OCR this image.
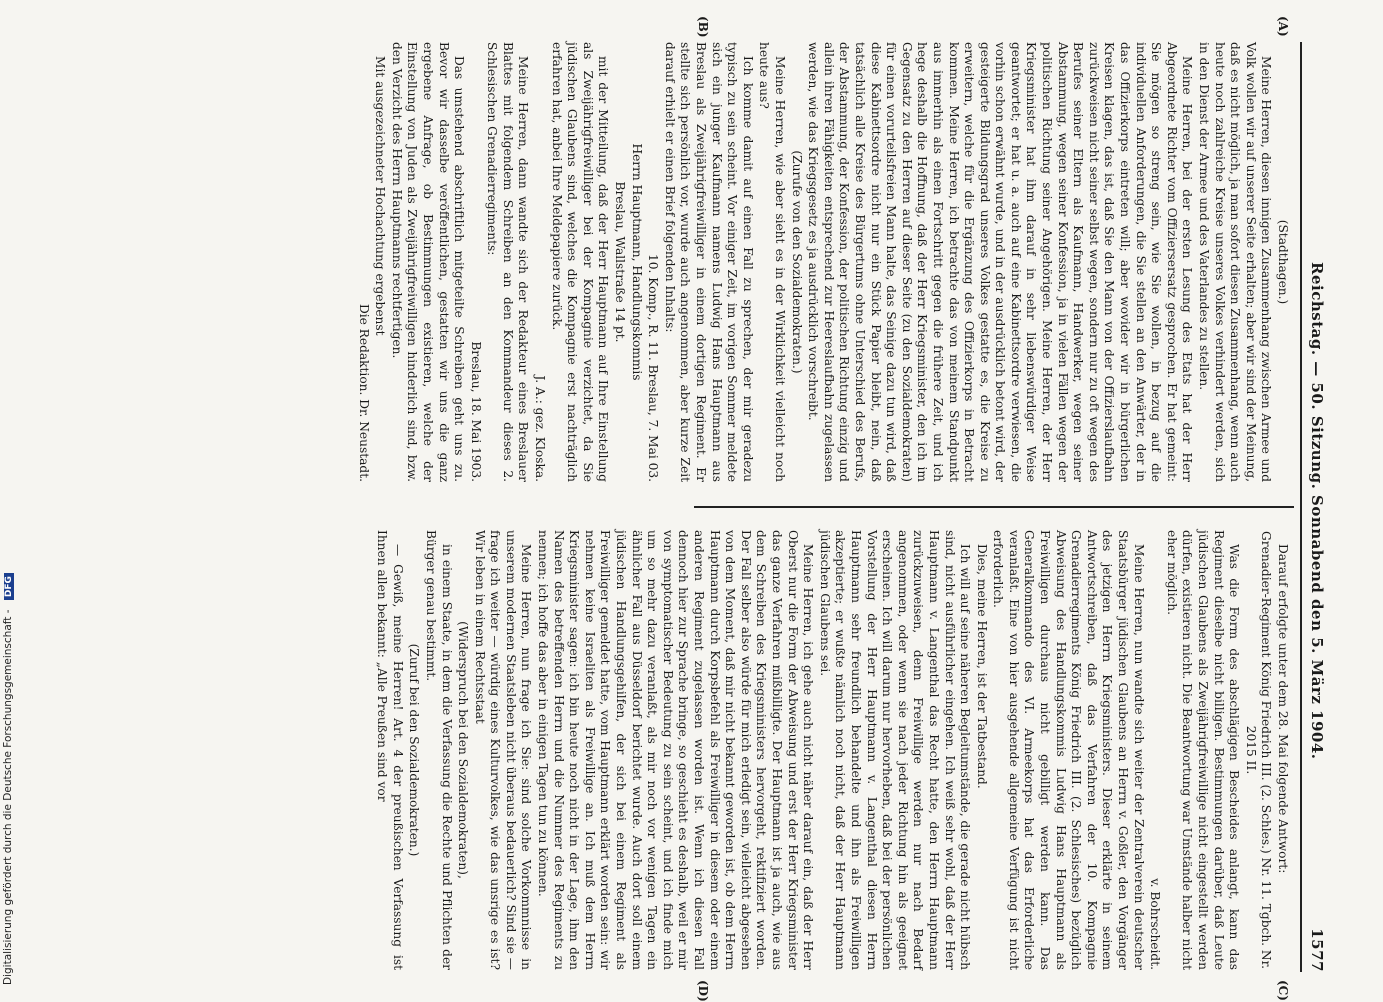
Reichstag. — 50. Sitzung. Sonnabend den 5. März 1904.
1577
(A)
(B)
(C)
(D)

(Stadthagen.)

Meine Herren, diesen innigen Zusammenhang zwischen Armee und Volk wollen wir auf unserer Seite erhalten; aber wir sind der Meinung, daß es nicht möglich, ja man sofort diesen Zusammenhang, wenn auch heute noch zahlreiche Kreise unseres Volkes verhindert werden, sich in den Dienst der Armee und des Vaterlandes zu stellen.

Meine Herren, bei der ersten Lesung des Etats hat der Herr Abgeordnete Richter vom Offiziersersatz gesprochen. Er hat gemeint: Sie mögen so streng sein, wie Sie wollen, in bezug auf die individuellen Anforderungen, die Sie stellen an den Anwärter, der in das Offizierkorps eintreten will; aber wovider wir in bürgerlichen Kreisen klagen, das ist, daß Sie den Mann von der Offizierslaufbahn zurückweisen nicht seiner selbst wegen, sondern nur zu oft wegen des Berufes seiner Eltern als Kaufmann, Handwerker, wegen seiner Abstammung, wegen seiner Konfession, ja in vielen Fällen wegen der politischen Richtung seiner Angehörigen. Meine Herren, der Herr Kriegsminister hat ihm darauf in sehr liebenswürdiger Weise geantwortet; er hat u. a. auch auf eine Kabinettsordre verwiesen, die vorhin schon erwähnt wurde, und in der ausdrücklich betont wird, der gesteigerte Bildungsgrad unseres Volkes gestatte es, die Kreise zu erweitern, welche für die Ergänzung des Offizierkorps in Betracht kommen. Meine Herren, ich betrachte das von meinem Standpunkt aus immerhin als einen Fortschritt gegen die frühere Zeit, und ich hege deshalb die Hoffnung, daß der Herr Kriegsminister, den ich im Gegensatz zu den Herren auf dieser Seite (zu den Sozialdemokraten) für einen vorurteilsfreien Mann halte, das Seinige dazu tun wird, daß diese Kabinettsordre nicht nur ein Stück Papier bleibt, nein, daß tatsächlich alle Kreise des Bürgertums ohne Unterschied des Berufs, der Abstammung, der Konfession, der politischen Richtung einzig und allein ihren Fähigkeiten entsprechend zur Heereslaufbahn zugelassen werden, wie das Kriegsgesetz es ja ausdrücklich vorschreibt.

(Zurufe von den Sozialdemokraten.)

Meine Herren, wie aber sieht es in der Wirklichkeit vielleicht noch heute aus?

Ich komme damit auf einen Fall zu sprechen, der mir geradezu typisch zu sein scheint. Vor einiger Zeit, im vorigen Sommer meldete sich ein junger Kaufmann namens Ludwig Hans Hauptmann aus Breslau als Zweijährigfreiwilliger in einem dortigen Regiment. Er stellte sich persönlich vor, wurde auch angenommen, aber kurze Zeit darauf erhielt er einen Brief folgenden Inhalts:

10. Komp., R. 11. Breslau, 7. Mai 03.

Herrn Hauptmann, Handlungskommis

Breslau, Wallstraße 14 pt.

mit der Mitteilung, daß der Herr Hauptmann auf Ihre Einstellung als Zweijährigfreiwilliger bei der Kompagnie verzichtet, da Sie jüdischen Glaubens sind, welches die Kompagnie erst nachträglich erfahren hat, anbei Ihre Meldepapiere zurück.

J. A.: gez. Kloska.

Meine Herren, dann wandte sich der Redakteur eines Breslauer Blattes mit folgendem Schreiben an den Kommandeur dieses 2. Schlesischen Grenadierregiments:

Breslau, 18. Mai 1903.

Das umstehend abschriftlich mitgeteilte Schreiben geht uns zu. Bevor wir dasselbe veröffentlichen, gestatten wir uns die ganz ergebene Anfrage, ob Bestimmungen existieren, welche der Einstellung von Juden als Zweijährigfreiwilligen hinderlich sind, bzw. den Verzicht des Herrn Hauptmanns rechtfertigen.

Mit ausgezeichneter Hochachtung ergebenst

Die Redaktion. Dr. Neustadt.

Darauf erfolgte unter dem 28. Mai folgende Antwort:

Grenadier-Regiment König Friedrich III. (2. Schles.) Nr. 11. Tgbch. Nr. 2015 II.

Was die Form des abschlägigen Bescheides anlangt, kann das Regiment dieselbe nicht billigen. Bestimmungen darüber, daß Leute jüdischen Glaubens als Zweijährigfreiwillige nicht eingestellt werden dürfen, existieren nicht. Die Beantwortung war Umstände halber nicht eher möglich.

v. Bohrscheidt.

Meine Herren, nun wandte sich weiter der Zentralverein deutscher Staatsbürger jüdischen Glaubens an Herrn v. Goßler, den Vorgänger des jetzigen Herrn Kriegsministers. Dieser erklärte in seinem Antwortschreiben, daß das Verfahren der 10. Kompagnie Grenadierregiments König Friedrich III. (2. Schlesisches) bezüglich Abweisung des Handlungskommis Ludwig Hans Hauptmann als Freiwilligen durchaus nicht gebilligt werden kann. Das Generalkommando des VI. Armeekorps hat das Erforderliche veranlaßt. Eine von hier ausgehende allgemeine Verfügung ist nicht erforderlich.

Dies, meine Herren, ist der Tatbestand.

Ich will auf seine näheren Begleitumstände, die gerade nicht hübsch sind, nicht ausführlicher eingehen. Ich weiß sehr wohl, daß der Herr Hauptmann v. Langenthal das Recht hatte, den Herrn Hauptmann zurückzuweisen, denn Freiwillige werden nur nach Bedarf angenommen, oder wenn sie nach jeder Richtung hin als geeignet erscheinen. Ich will darum nur hervorheben, daß bei der persönlichen Vorstellung der Herr Hauptmann v. Langenthal diesen Herrn Hauptmann sehr freundlich behandelte und ihn als Freiwilligen akzeptierte; er wußte nämlich noch nicht, daß der Herr Hauptmann jüdischen Glaubens sei.

Meine Herren, ich gehe auch nicht näher darauf ein, daß der Herr Oberst nur die Form der Abweisung und erst der Herr Kriegsminister das ganze Verfahren mißbilligte. Der Hauptmann ist ja auch, wie aus dem Schreiben des Kriegsministers hervorgeht, rektifiziert worden. Der Fall selber also würde für mich erledigt sein, vielleicht abgesehen von dem Moment, daß mir nicht bekannt geworden ist, ob dem Herrn Hauptmann durch Korpsbefehl als Freiwilliger in diesem oder einem anderen Regiment zugelassen worden ist. Wenn ich diesen Fall dennoch hier zur Sprache bringe, so geschieht es deshalb, weil er mir von symptomatischer Bedeutung zu sein scheint, und ich finde mich um so mehr dazu veranlaßt, als mir noch vor wenigen Tagen ein ähnlicher Fall aus Düsseldorf berichtet wurde. Auch dort soll einem jüdischen Handlungsgehilfen, der sich bei einem Regiment als Freiwilliger gemeldet hatte, vom Hauptmann erklärt worden sein: wir nehmen keine Israeliten als Freiwillige an. Ich muß dem Herrn Kriegsminister sagen: ich bin heute noch nicht in der Lage, ihm den Namen des betreffenden Herrn und die Nummer des Regiments zu nennen; ich hoffe das aber in einigen Tagen tun zu können.

Meine Herren, nun frage ich Sie: sind solche Vorkommnisse in unserem modernen Staatsleben nicht überaus bedauerlich? Sind sie — frage ich weiter — würdig eines Kulturvolkes, wie das unsrige es ist? Wir leben in einem Rechtsstaat

(Widerspruch bei den Sozialdemokraten),

in einem Staate, in dem die Verfassung die Rechte und Pflichten der Bürger genau bestimmt.

(Zuruf bei den Sozialdemokraten.)

— Gewiß, meine Herren! Art. 4 der preußischen Verfassung ist Ihnen allen bekannt: „Alle Preußen sind vor

Digitalisierung gefördert durch die Deutsche Forschungsgemeinschaft - DFG
